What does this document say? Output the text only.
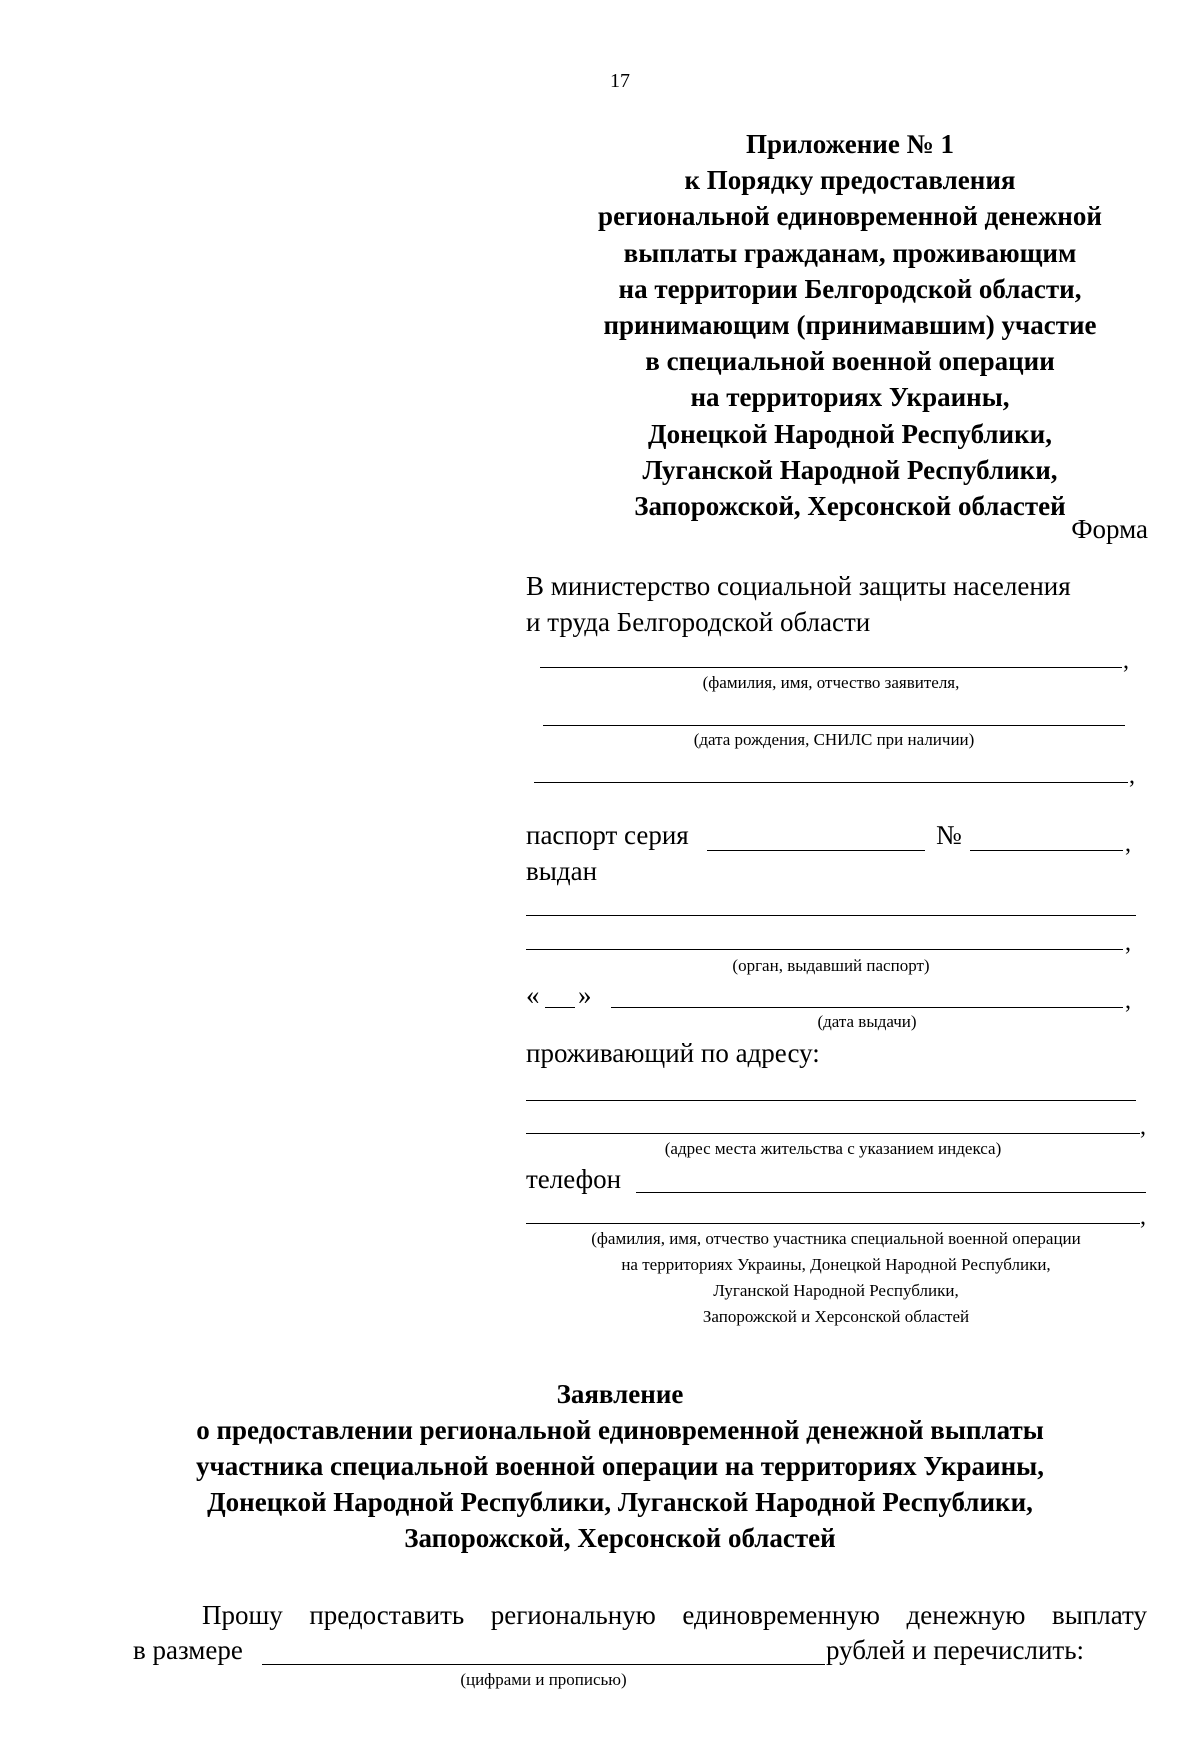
17
Приложение № 1
к Порядку предоставления
региональной единовременной денежной
выплаты гражданам, проживающим
на территории Белгородской области,
принимающим (принимавшим) участие
в специальной военной операции
на территориях Украины,
Донецкой Народной Республики,
Луганской Народной Республики,
Запорожской, Херсонской областей
Форма
В министерство социальной защиты населения
и труда Белгородской области
,
(фамилия, имя, отчество заявителя,
(дата рождения, СНИЛС при наличии)
,
паспорт серия	№	,
выдан
,
(орган, выдавший паспорт)
« »	,
(дата выдачи)
проживающий по адресу:
,
(адрес места жительства с указанием индекса)
телефон
,
(фамилия, имя, отчество участника специальной военной операции
на территориях Украины, Донецкой Народной Республики,
Луганской Народной Республики,
Запорожской и Херсонской областей
Заявление
о предоставлении региональной единовременной денежной выплаты
участника специальной военной операции на территориях Украины,
Донецкой Народной Республики, Луганской Народной Республики,
Запорожской, Херсонской областей
Прошу предоставить региональную единовременную денежную выплату
в размере	рублей и перечислить:
(цифрами и прописью)
